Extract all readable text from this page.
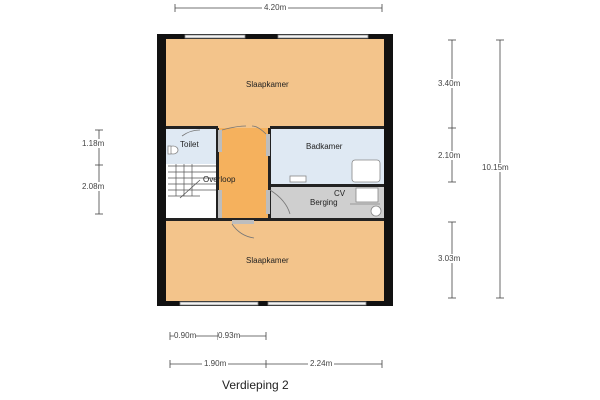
Slaapkamer
Toilet	Badkamer
Overloop
CV
Berging
Slaapkamer
4.20m
1.18m
2.08m
3.40m
2.10m
3.03m
10.15m
0.90m	0.93m
1.90m	2.24m
Verdieping 2
